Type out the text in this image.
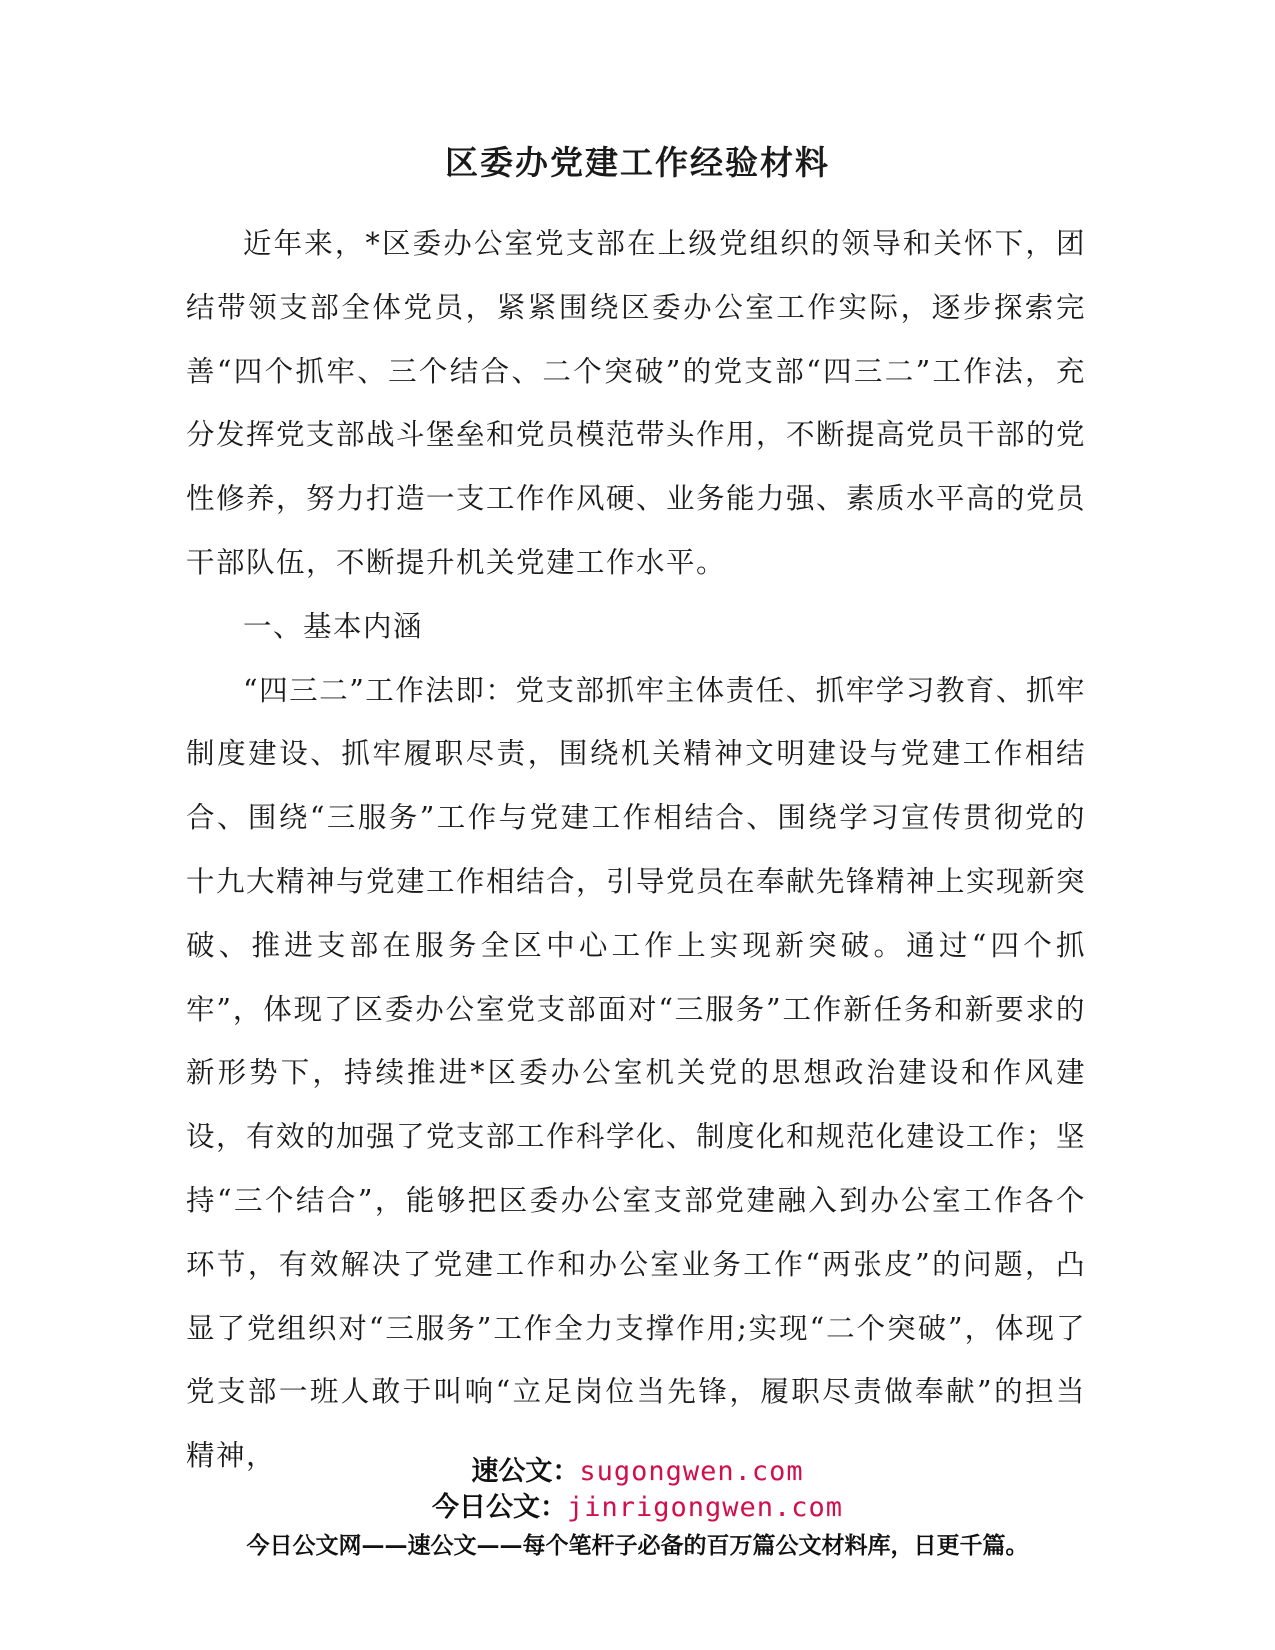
区委办党建工作经验材料

近年来，*区委办公室党支部在上级党组织的领导和关怀下，团结带领支部全体党员，紧紧围绕区委办公室工作实际，逐步探索完善“四个抓牢、三个结合、二个突破”的党支部“四三二”工作法，充分发挥党支部战斗堡垒和党员模范带头作用，不断提高党员干部的党性修养，努力打造一支工作作风硬、业务能力强、素质水平高的党员干部队伍，不断提升机关党建工作水平。

一、基本内涵

“四三二”工作法即：党支部抓牢主体责任、抓牢学习教育、抓牢制度建设、抓牢履职尽责，围绕机关精神文明建设与党建工作相结合、围绕“三服务”工作与党建工作相结合、围绕学习宣传贯彻党的十九大精神与党建工作相结合，引导党员在奉献先锋精神上实现新突破、推进支部在服务全区中心工作上实现新突破。通过“四个抓牢”，体现了区委办公室党支部面对“三服务”工作新任务和新要求的新形势下，持续推进*区委办公室机关党的思想政治建设和作风建设，有效的加强了党支部工作科学化、制度化和规范化建设工作；坚持“三个结合”，能够把区委办公室支部党建融入到办公室工作各个环节，有效解决了党建工作和办公室业务工作“两张皮”的问题，凸显了党组织对“三服务”工作全力支撑作用;实现“二个突破”，体现了党支部一班人敢于叫响“立足岗位当先锋，履职尽责做奉献”的担当精神，	速公文：sugongwen.com
今日公文：jinrigongwen.com
今日公文网——速公文——每个笔杆子必备的百万篇公文材料库，日更千篇。
